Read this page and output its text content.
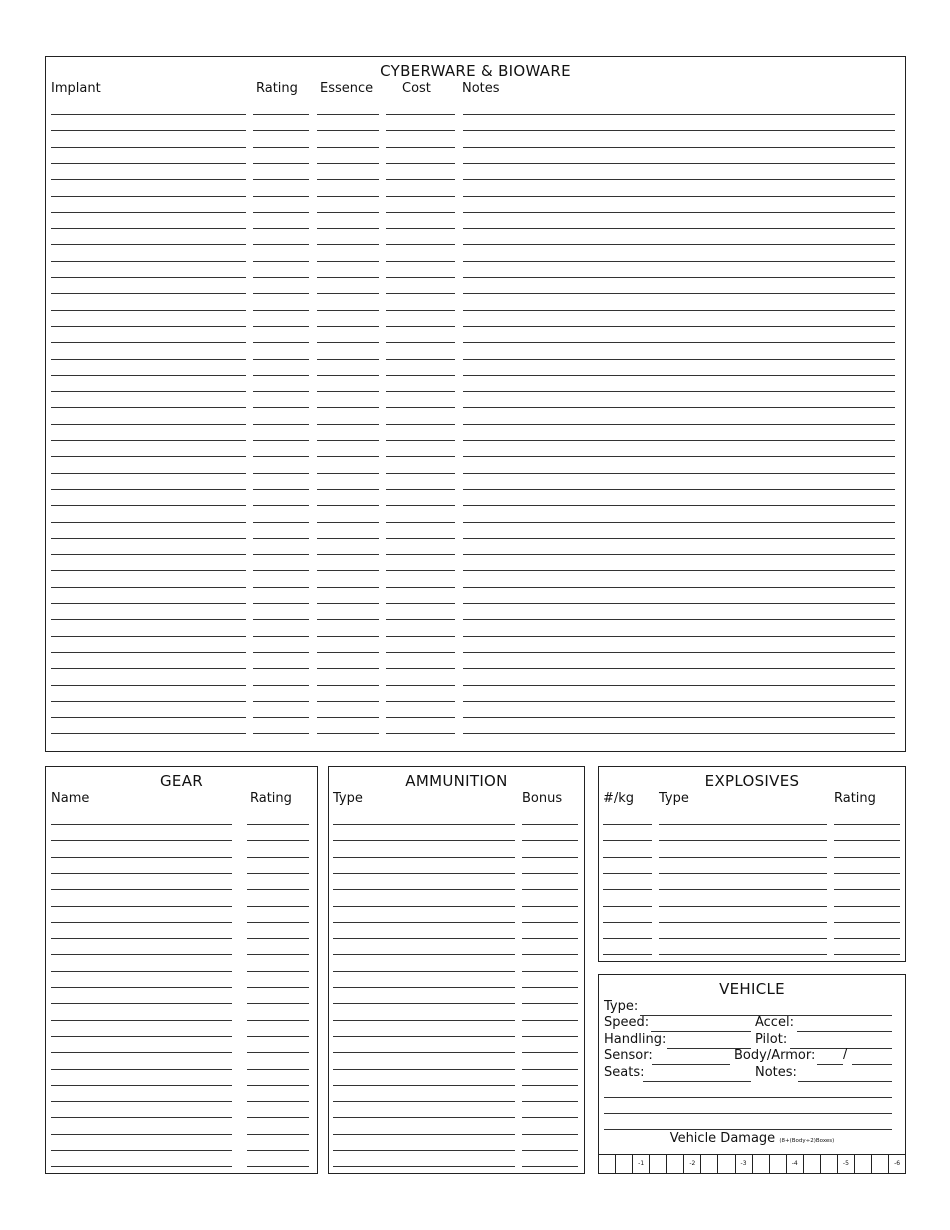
CYBERWARE & BIOWARE
Implant	Rating Essence Cost Notes
GEAR
Name	Rating
AMMUNITION
Type	Bonus
EXPLOSIVES
#/kg Type	Rating
VEHICLE
Type:
Speed:	Accel:
Handling:	Pilot:
Sensor:	Body/Armor: /
Seats:	Notes:
Vehicle Damage (8+(Body÷2)Boxes)
-1	-2	-3	-4	-5	-6
